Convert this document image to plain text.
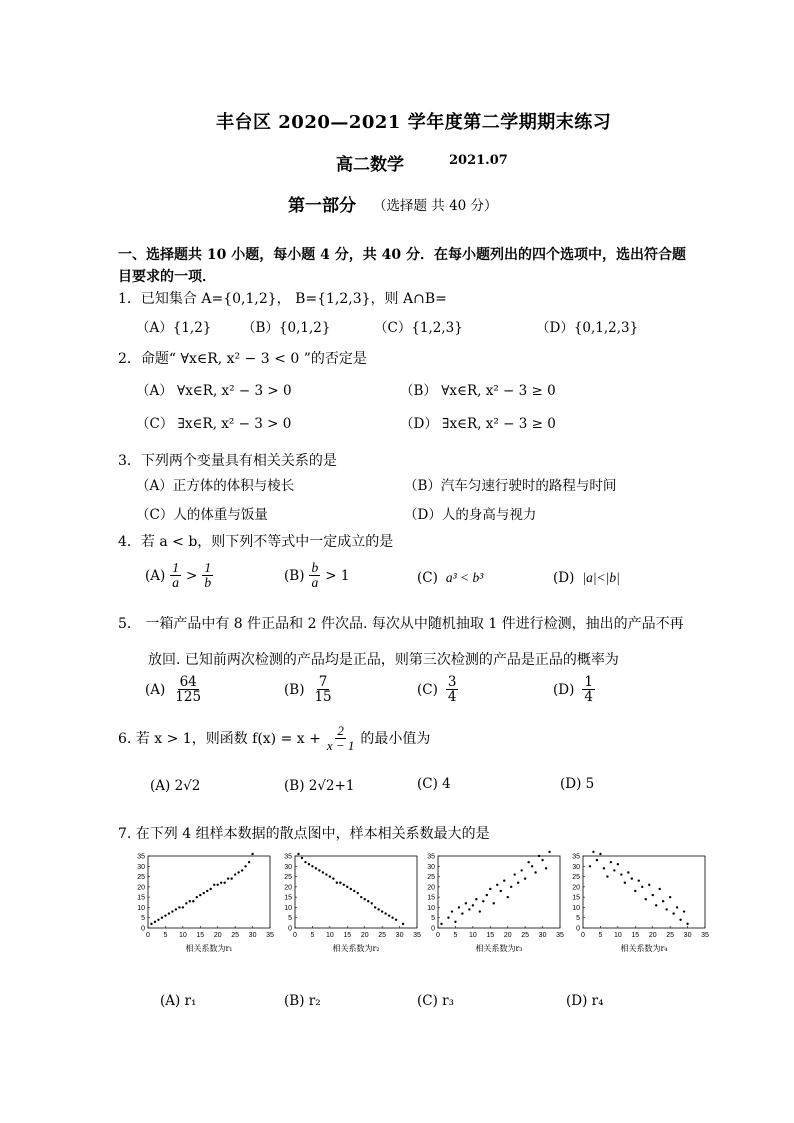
丰台区 2020—2021 学年度第二学期期末练习
高二数学	2021.07
第一部分 （选择题 共 40 分）
一、选择题共 10 小题，每小题 4 分，共 40 分．在每小题列出的四个选项中，选出符合题
目要求的一项．
1．已知集合 A={0,1,2}， B={1,2,3}，则 A∩B=
（A）{1,2} （B）{0,1,2}	（C）{1,2,3}	（D）{0,1,2,3}
2．命题“ ∀x∈R, x² − 3 < 0 ”的否定是
（A） ∀x∈R, x² − 3 > 0	（B） ∀x∈R, x² − 3 ≥ 0
（C） ∃x∈R, x² − 3 > 0	（D） ∃x∈R, x² − 3 ≥ 0
3．下列两个变量具有相关关系的是
（A）正方体的体积与棱长	（B）汽车匀速行驶时的路程与时间
（C）人的体重与饭量	（D）人的身高与视力
4．若 a < b，则下列不等式中一定成立的是
$(A) \frac{1}{a} > \frac{1}{b}$	$(B) \frac{b}{a} > 1$	(C) a³ < b³	(D) |a|<|b|
5． 一箱产品中有 8 件正品和 2 件次品. 每次从中随机抽取 1 件进行检测，抽出的产品不再
放回. 已知前两次检测的产品均是正品，则第三次检测的产品是正品的概率为
$(A) \frac{64}{125}$	$(B) \frac{7}{15}$	$(C) \frac{3}{4}$	$(D) \frac{1}{4}$
6. 若 x > 1，则函数 $f(x) = x + \frac{2}{x - 1}$ 的最小值为
(A) 2√2	(B) 2√2+1	(C) 4	(D) 5
7. 在下列 4 组样本数据的散点图中，样本相关系数最大的是
0 5 10 15 20 25 30 35
0
5
10
15
20
25
30
35
相关系数为r₁
0 5 10 15 20 25 30 35
0
5
10
15
20
25
30
35
相关系数为r₂
0 5 10 15 20 25 30 35
0
5
10
15
20
25
30
35
相关系数为r₃
0 5 10 15 20 25 30 35
0
5
10
15
20
25
30
35
相关系数为r₄
(A) r₁	(B) r₂	(C) r₃	(D) r₄
